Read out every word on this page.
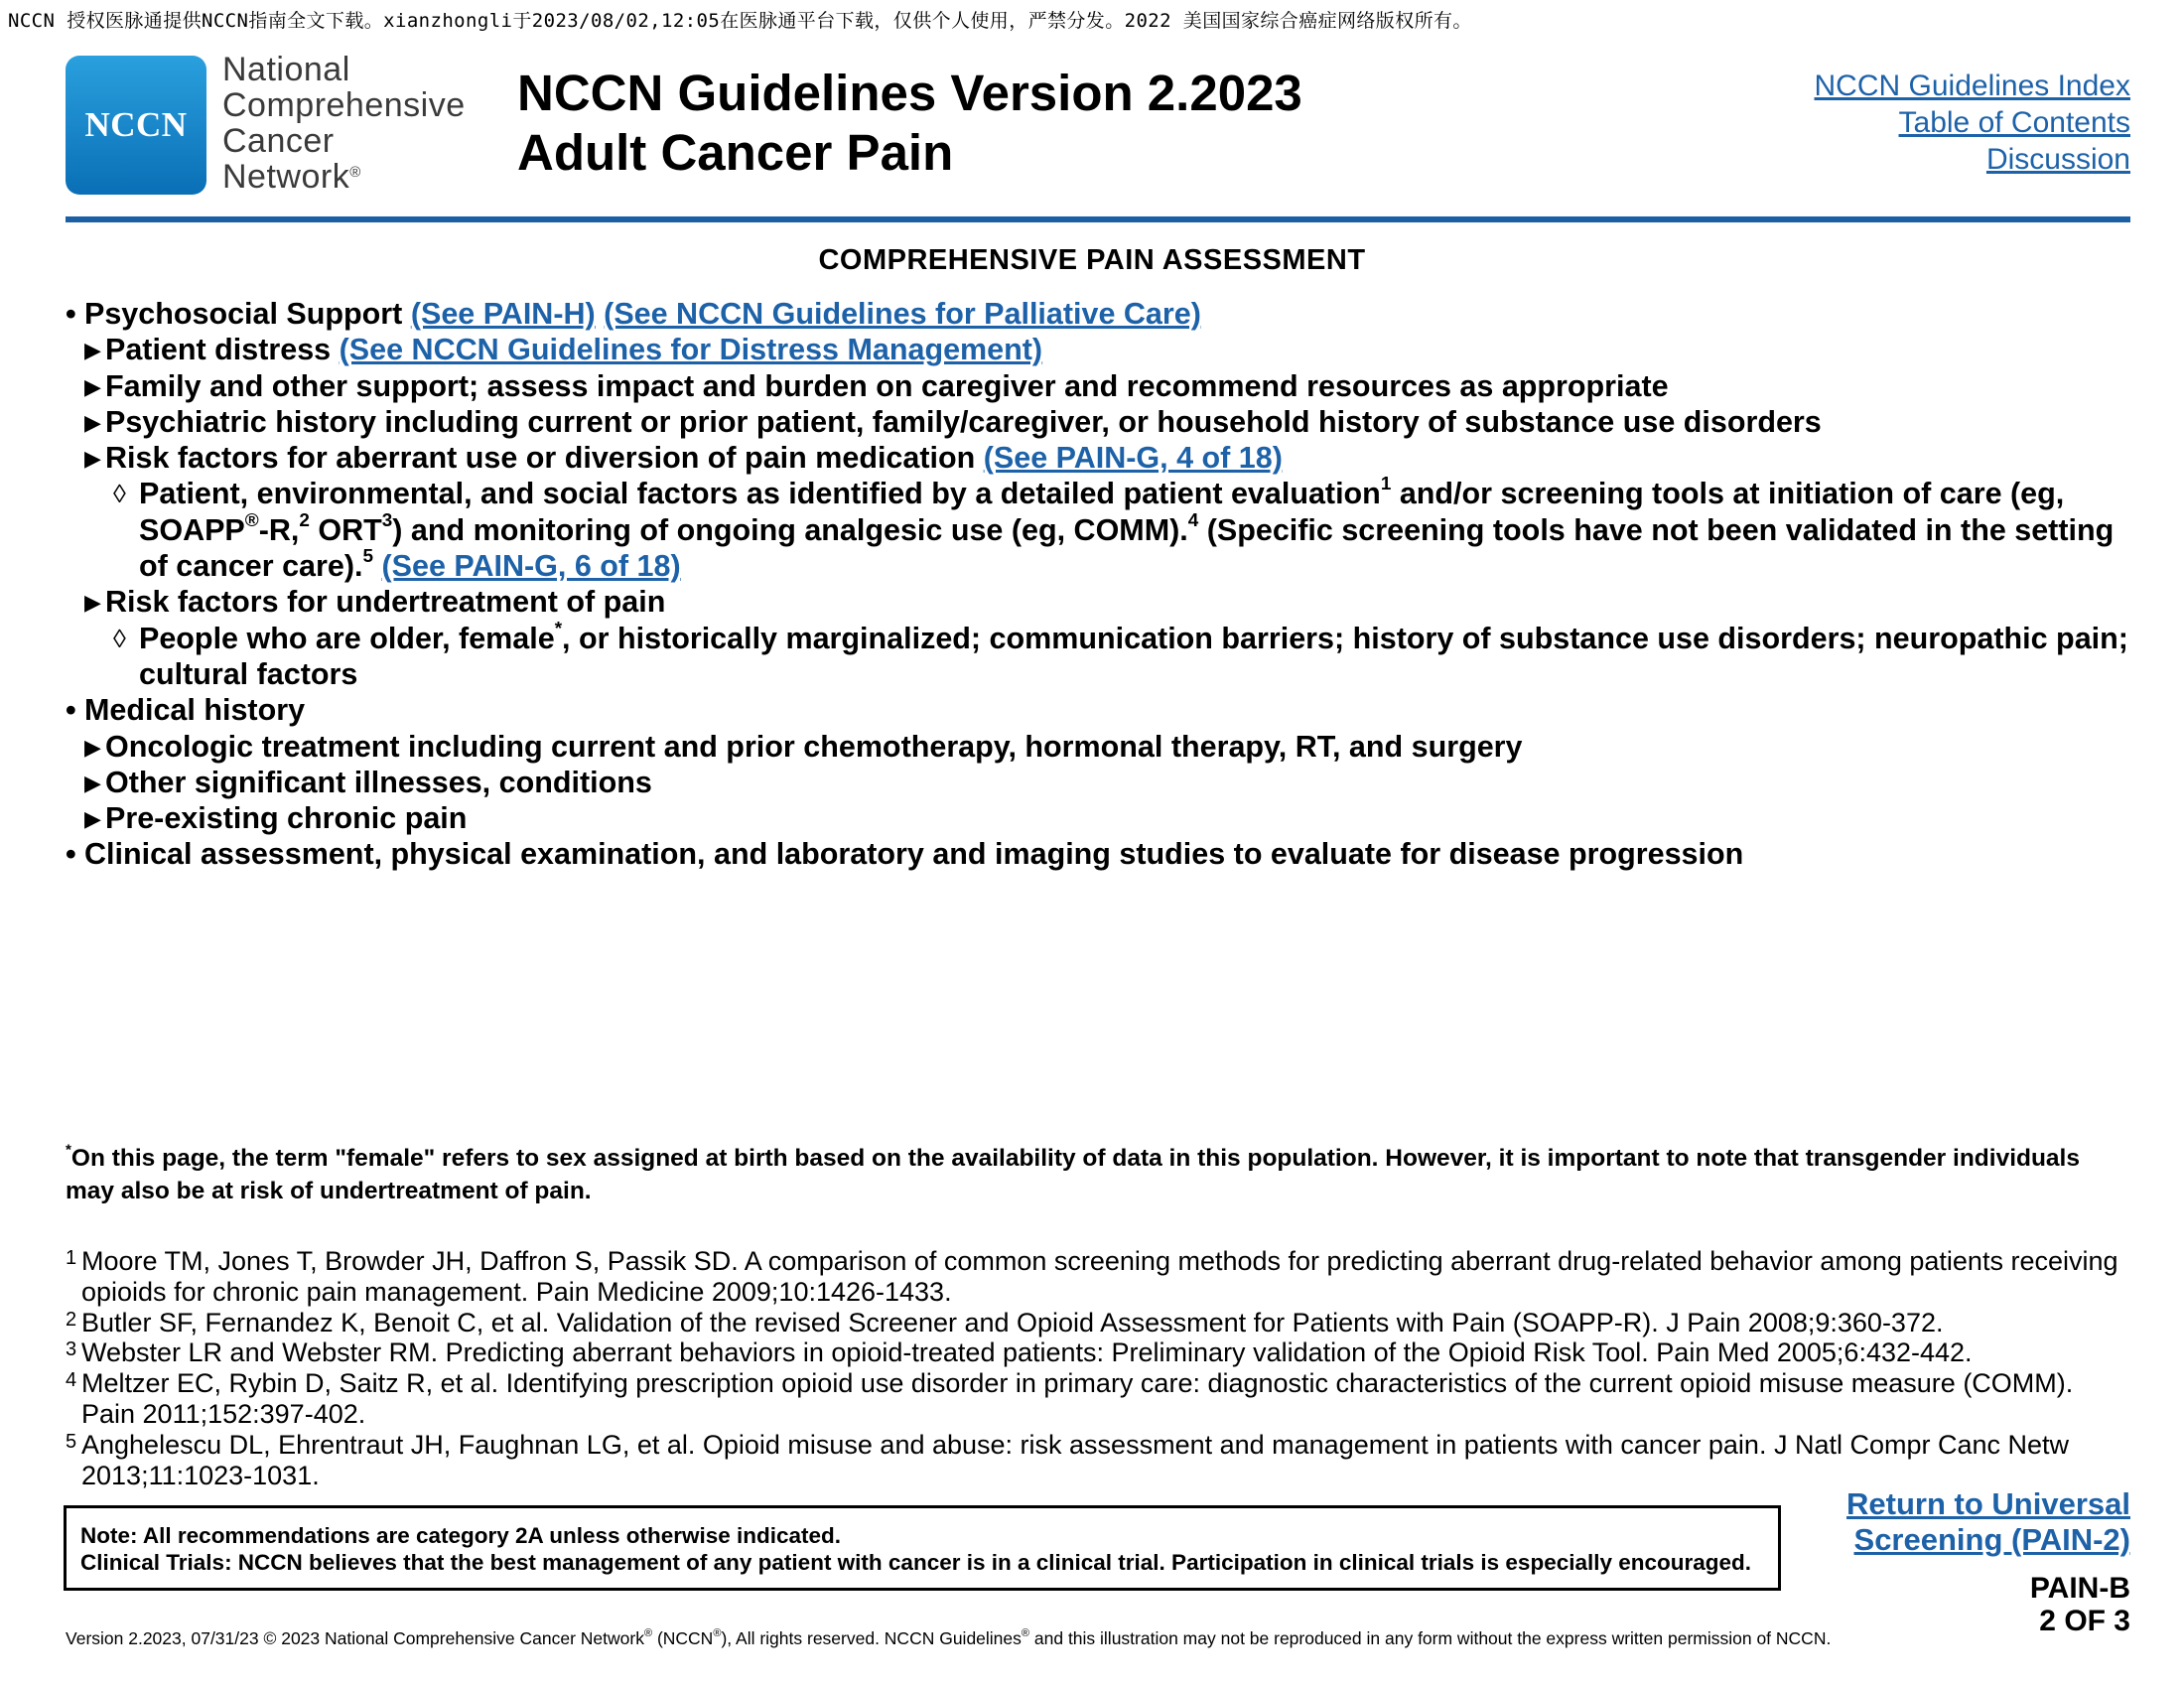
NCCN 授权医脉通提供NCCN指南全文下载。xianzhongli于2023/08/02,12:05在医脉通平台下载，仅供个人使用，严禁分发。2022 美国国家综合癌症网络版权所有。
NCCN
National
Comprehensive
Cancer
Network®
NCCN Guidelines Version 2.2023
Adult Cancer Pain
NCCN Guidelines Index
Table of Contents
Discussion
COMPREHENSIVE PAIN ASSESSMENT
• Psychosocial Support (See PAIN-H) (See NCCN Guidelines for Palliative Care)
▶ Patient distress (See NCCN Guidelines for Distress Management)
▶ Family and other support; assess impact and burden on caregiver and recommend resources as appropriate
▶ Psychiatric history including current or prior patient, family/caregiver, or household history of substance use disorders
▶ Risk factors for aberrant use or diversion of pain medication (See PAIN-G, 4 of 18)
◊ Patient, environmental, and social factors as identified by a detailed patient evaluation$^1$ and/or screening tools at initiation of care (eg, SOAPP®-R,$^2$ ORT$^3$) and monitoring of ongoing analgesic use (eg, COMM).$^4$ (Specific screening tools have not been validated in the setting of cancer care).$^5$ (See PAIN-G, 6 of 18)
▶ Risk factors for undertreatment of pain
◊ People who are older, female*, or historically marginalized; communication barriers; history of substance use disorders; neuropathic pain; cultural factors
• Medical history
▶ Oncologic treatment including current and prior chemotherapy, hormonal therapy, RT, and surgery
▶ Other significant illnesses, conditions
▶ Pre-existing chronic pain
• Clinical assessment, physical examination, and laboratory and imaging studies to evaluate for disease progression
*On this page, the term "female" refers to sex assigned at birth based on the availability of data in this population. However, it is important to note that transgender individuals may also be at risk of undertreatment of pain.
1 Moore TM, Jones T, Browder JH, Daffron S, Passik SD. A comparison of common screening methods for predicting aberrant drug-related behavior among patients receiving opioids for chronic pain management. Pain Medicine 2009;10:1426-1433.
2 Butler SF, Fernandez K, Benoit C, et al. Validation of the revised Screener and Opioid Assessment for Patients with Pain (SOAPP-R). J Pain 2008;9:360-372.
3 Webster LR and Webster RM. Predicting aberrant behaviors in opioid-treated patients: Preliminary validation of the Opioid Risk Tool. Pain Med 2005;6:432-442.
4 Meltzer EC, Rybin D, Saitz R, et al. Identifying prescription opioid use disorder in primary care: diagnostic characteristics of the current opioid misuse measure (COMM). Pain 2011;152:397-402.
5 Anghelescu DL, Ehrentraut JH, Faughnan LG, et al. Opioid misuse and abuse: risk assessment and management in patients with cancer pain. J Natl Compr Canc Netw 2013;11:1023-1031.
Note: All recommendations are category 2A unless otherwise indicated.
Clinical Trials: NCCN believes that the best management of any patient with cancer is in a clinical trial. Participation in clinical trials is especially encouraged.
Return to Universal
Screening (PAIN-2)
PAIN-B
2 OF 3
Version 2.2023, 07/31/23 © 2023 National Comprehensive Cancer Network® (NCCN®), All rights reserved. NCCN Guidelines® and this illustration may not be reproduced in any form without the express written permission of NCCN.
